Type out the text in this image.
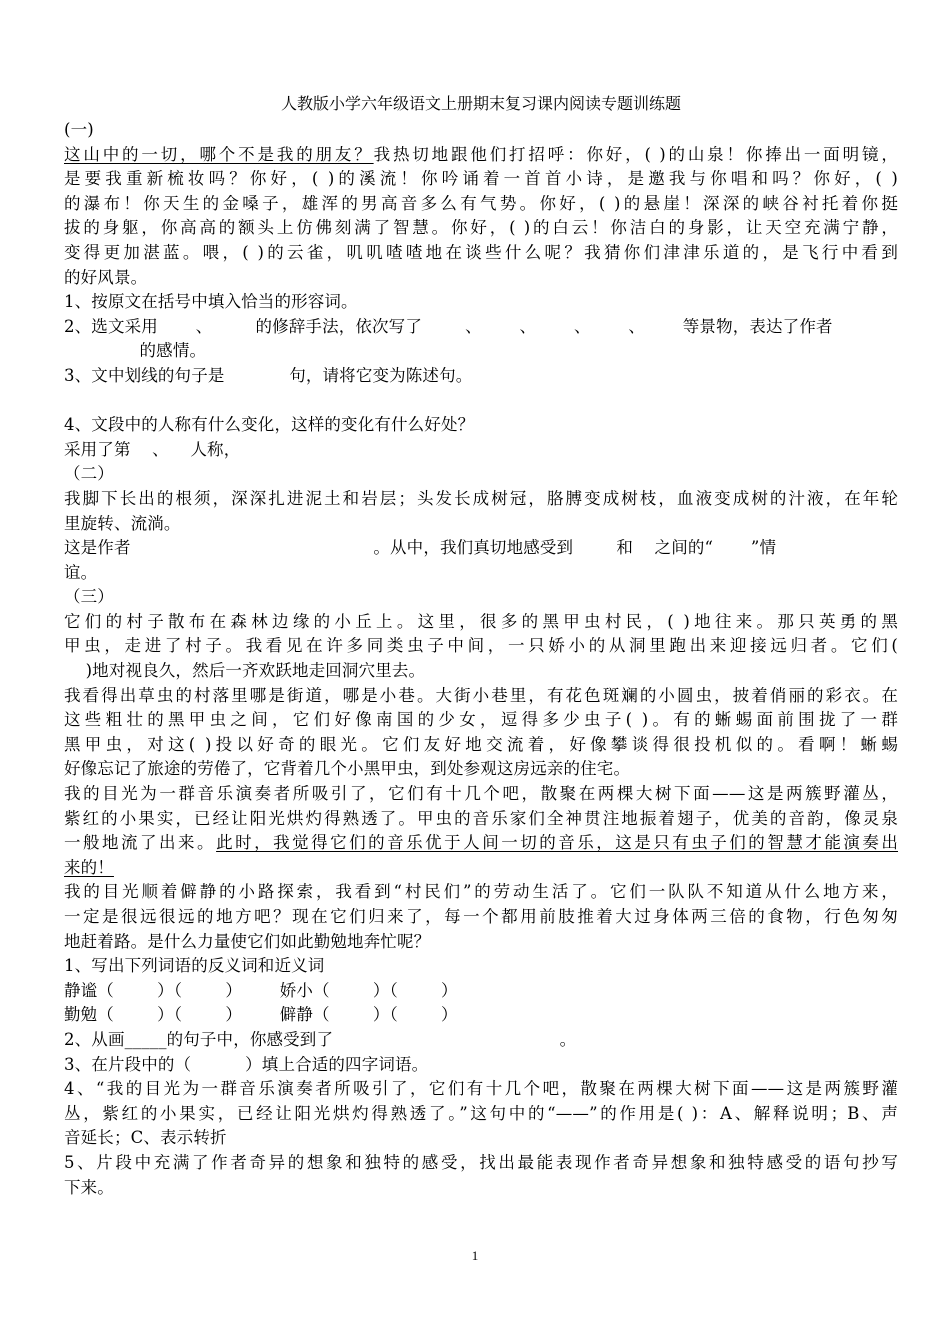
人教版小学六年级语文上册期末复习课内阅读专题训练题
(一)
这山中的一切，哪个不是我的朋友？我热切地跟他们打招呼：你好，( )的山泉！你捧出一面明镜，
是要我重新梳妆吗？你好，( )的溪流！你吟诵着一首首小诗，是邀我与你唱和吗？你好，( )
的瀑布！你天生的金嗓子，雄浑的男高音多么有气势。你好，( )的悬崖！深深的峡谷衬托着你挺
拔的身躯，你高高的额头上仿佛刻满了智慧。你好，( )的白云！你洁白的身影，让天空充满宁静，
变得更加湛蓝。喂，( )的云雀，叽叽喳喳地在谈些什么呢？我猜你们津津乐道的，是飞行中看到
的好风景。
1、按原文在括号中填入恰当的形容词。
2、选文采用       、        的修辞手法，依次写了        、       、       、       、       等景物，表达了作者
的感情。
3、文中划线的句子是            句，请将它变为陈述句。
4、文段中的人称有什么变化，这样的变化有什么好处？
采用了第    、    人称，
（二）
我脚下长出的根须，深深扎进泥土和岩层；头发长成树冠，胳膊变成树枝，血液变成树的汁液，在年轮
里旋转、流淌。
这是作者                                             。从中，我们真切地感受到        和    之间的“       ”情
谊。
（三）
它们的村子散布在森林边缘的小丘上。这里，很多的黑甲虫村民，( )地往来。那只英勇的黑
甲虫，走进了村子。我看见在许多同类虫子中间，一只娇小的从洞里跑出来迎接远归者。它们(
)地对视良久，然后一齐欢跃地走回洞穴里去。
我看得出草虫的村落里哪是街道，哪是小巷。大街小巷里，有花色斑斓的小圆虫，披着俏丽的彩衣。在
这些粗壮的黑甲虫之间，它们好像南国的少女，逗得多少虫子( )。有的蜥蜴面前围拢了一群
黑甲虫，对这( )投以好奇的眼光。它们友好地交流着，好像攀谈得很投机似的。看啊！蜥蜴
好像忘记了旅途的劳倦了，它背着几个小黑甲虫，到处参观这房远亲的住宅。
我的目光为一群音乐演奏者所吸引了，它们有十几个吧，散聚在两棵大树下面——这是两簇野灌丛，
紫红的小果实，已经让阳光烘灼得熟透了。甲虫的音乐家们全神贯注地振着翅子，优美的音韵，像灵泉
一般地流了出来。此时，我觉得它们的音乐优于人间一切的音乐，这是只有虫子们的智慧才能演奏出
来的！
我的目光顺着僻静的小路探索，我看到“村民们”的劳动生活了。它们一队队不知道从什么地方来，
一定是很远很远的地方吧？现在它们归来了，每一个都用前肢推着大过身体两三倍的食物，行色匆匆
地赶着路。是什么力量使它们如此勤勉地奔忙呢？
1、写出下列词语的反义词和近义词
静谧（        ）（        ）       娇小（        ）（        ）
勤勉（        ）（        ）       僻静（        ）（        ）
2、从画_____的句子中，你感受到了                                          。
3、在片段中的（          ）填上合适的四字词语。
4、“我的目光为一群音乐演奏者所吸引了，它们有十几个吧，散聚在两棵大树下面——这是两簇野灌
丛，紫红的小果实，已经让阳光烘灼得熟透了。”这句中的“——”的作用是( )：A、解释说明；B、声
音延长；C、表示转折
5、片段中充满了作者奇异的想象和独特的感受，找出最能表现作者奇异想象和独特感受的语句抄写
下来。
1
